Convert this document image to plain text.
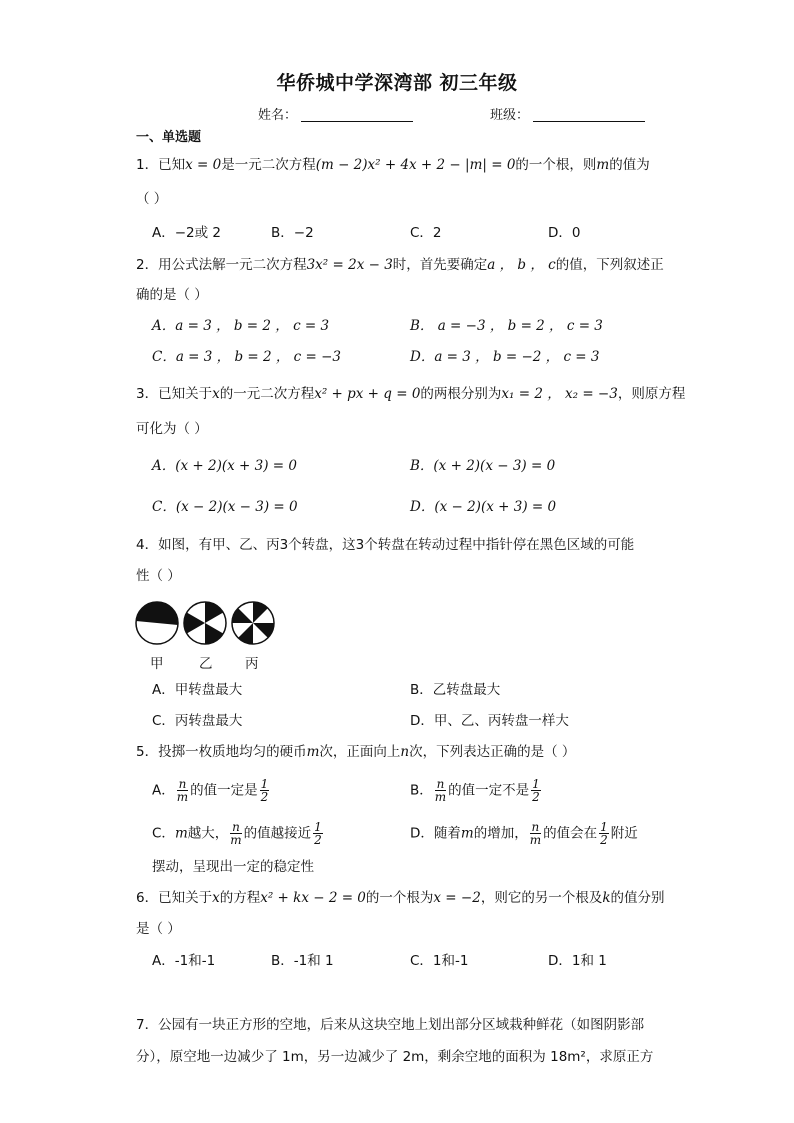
华侨城中学深湾部 初三年级
姓名：	班级：
一、单选题
1．已知x = 0是一元二次方程(m − 2)x² + 4x + 2 − |m| = 0的一个根，则m的值为
（ ）
A．−2或 2	B．−2	C．2	D．0
2．用公式法解一元二次方程3x² = 2x − 3时，首先要确定a ， b ， c的值，下列叙述正
确的是（ ）
A．a = 3 ， b = 2 ， c = 3	B． a = −3 ， b = 2 ， c = 3
C．a = 3 ， b = 2 ， c = −3	D．a = 3 ， b = −2 ， c = 3
3．已知关于x的一元二次方程x² + px + q = 0的两根分别为x₁ = 2 ， x₂ = −3，则原方程
可化为（ ）
A．(x + 2)(x + 3) = 0	B．(x + 2)(x − 3) = 0
C．(x − 2)(x − 3) = 0	D．(x − 2)(x + 3) = 0
4．如图，有甲、乙、丙3个转盘，这3个转盘在转动过程中指针停在黑色区域的可能
性（ ）
甲	乙 丙
A．甲转盘最大	B．乙转盘最大
C．丙转盘最大	D．甲、乙、丙转盘一样大
5．投掷一枚质地均匀的硬币m次，正面向上n次，下列表达正确的是（ ）
A． $\frac{n}{m}$ 的值一定是 $\frac{1}{2}$	B． $\frac{n}{m}$ 的值一定不是 $\frac{1}{2}$
C．m越大， $\frac{n}{m}$ 的值越接近 $\frac{1}{2}$	D．随着m的增加， $\frac{n}{m}$ 的值会在 $\frac{1}{2}$ 附近
摆动，呈现出一定的稳定性
6．已知关于x的方程x² + kx − 2 = 0的一个根为x = −2，则它的另一个根及k的值分别
是（ ）
A．-1和-1	B．-1和 1	C．1和-1	D．1和 1
7．公园有一块正方形的空地，后来从这块空地上划出部分区域栽种鲜花（如图阴影部
分），原空地一边减少了 1m，另一边减少了 2m，剩余空地的面积为 18m²，求原正方
